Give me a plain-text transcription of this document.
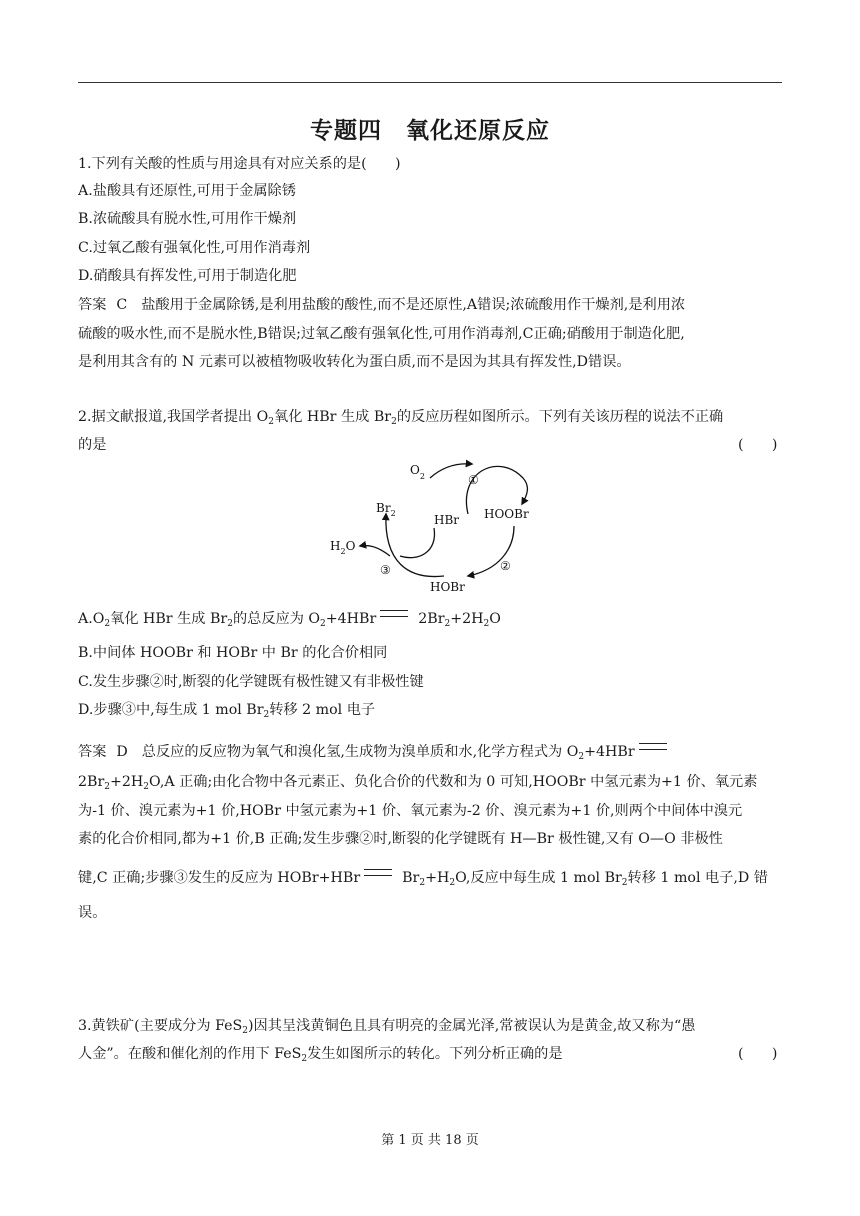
专题四　氧化还原反应
1.下列有关酸的性质与用途具有对应关系的是(　　)
A.盐酸具有还原性,可用于金属除锈
B.浓硫酸具有脱水性,可用作干燥剂
C.过氧乙酸有强氧化性,可用作消毒剂
D.硝酸具有挥发性,可用于制造化肥
答案 C 盐酸用于金属除锈,是利用盐酸的酸性,而不是还原性,A错误;浓硫酸用作干燥剂,是利用浓
硫酸的吸水性,而不是脱水性,B错误;过氧乙酸有强氧化性,可用作消毒剂,C正确;硝酸用于制造化肥,
是利用其含有的 N 元素可以被植物吸收转化为蛋白质,而不是因为其具有挥发性,D错误。
2.据文献报道,我国学者提出 $O_2$氧化 HBr 生成 $Br_2$的反应历程如图所示。下列有关该历程的说法不正确
的是	(　　)
$O_2$	①
$Br_2$	HBr HOOBr
$H_2O$
②
③
HOBr
$A.O_2$氧化 HBr 生成 $Br_2$的总反应为 $O_2+4HBr$	$2Br_2+2H_2O$
B.中间体 HOOBr 和 HOBr 中 Br 的化合价相同
C.发生步骤②时,断裂的化学键既有极性键又有非极性键
D.步骤③中,每生成 1 mol $Br_2$转移 2 mol 电子
答案 D 总反应的反应物为氧气和溴化氢,生成物为溴单质和水,化学方程式为 $O_2+4HBr$
$2Br_2+2H_2O,A$ 正确;由化合物中各元素正、负化合价的代数和为 0 可知,HOOBr 中氢元素为+1 价、氧元素
为-1 价、溴元素为+1 价,HOBr 中氢元素为+1 价、氧元素为-2 价、溴元素为+1 价,则两个中间体中溴元
素的化合价相同,都为+1 价,B 正确;发生步骤②时,断裂的化学键既有 H—Br 极性键,又有 O—O 非极性
键,C 正确;步骤③发生的反应为 HOBr+HBr	$Br_2+H_2O$,反应中每生成 1 mol $Br_2$转移 1 mol 电子,D 错
误。
3.黄铁矿(主要成分为 FeS$_2$)因其呈浅黄铜色且具有明亮的金属光泽,常被误认为是黄金,故又称为“愚
人金”。在酸和催化剂的作用下 FeS$_2$发生如图所示的转化。下列分析正确的是	(　　)
第 1 页 共 18 页
